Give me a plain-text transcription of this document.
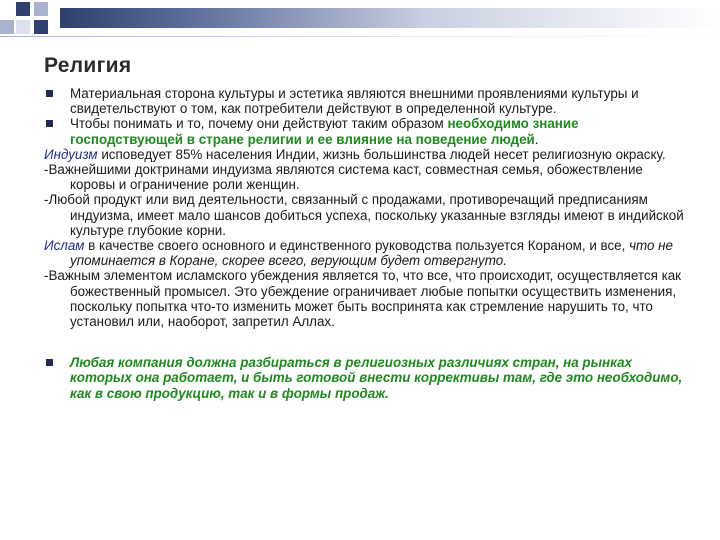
Религия
Материальная сторона культуры и эстетика являются внешними проявлениями культуры и свидетельствуют о том, как потребители действуют в определенной культуре.
Чтобы понимать и то, почему они действуют таким образом необходимо знание господствующей в стране религии и ее влияние на поведение людей.
Индуизм исповедует 85% населения Индии, жизнь большинства людей несет религиозную окраску.
-Важнейшими доктринами индуизма являются система каст, совместная семья, обожествление коровы и ограничение роли женщин.
-Любой продукт или вид деятельности, связанный с продажами, противоречащий предписаниям индуизма, имеет мало шансов добиться успеха, поскольку указанные взгляды имеют в индийской культуре глубокие корни.
Ислам в качестве своего основного и единственного руководства пользуется Кораном, и все, что не упоминается в Коране, скорее всего, верующим будет отвергнуто.
-Важным элементом исламского убеждения является то, что все, что происходит, осуществляется как божественный промысел. Это убеждение ограничивает любые попытки осуществить изменения, поскольку попытка что-то изменить может быть воспринята как стремление нарушить то, что установил или, наоборот, запретил Аллах.
Любая компания должна разбираться в религиозных различиях стран, на рынках которых она работает, и быть готовой внести коррективы там, где это необходимо, как в свою продукцию, так и в формы продаж.
